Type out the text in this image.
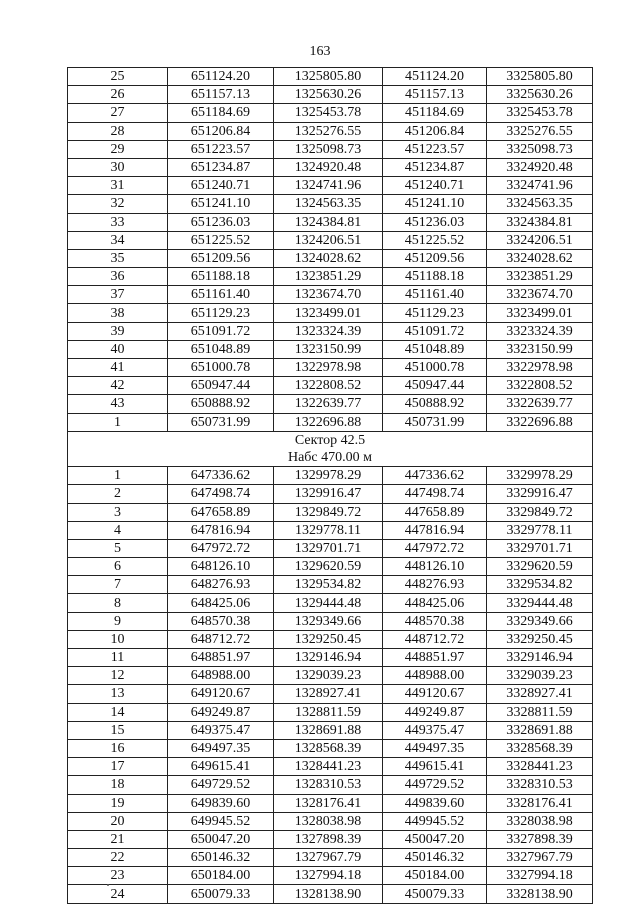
163
25	651124.20	1325805.80	451124.20	3325805.80
26	651157.13	1325630.26	451157.13	3325630.26
27	651184.69	1325453.78	451184.69	3325453.78
28	651206.84	1325276.55	451206.84	3325276.55
29	651223.57	1325098.73	451223.57	3325098.73
30	651234.87	1324920.48	451234.87	3324920.48
31	651240.71	1324741.96	451240.71	3324741.96
32	651241.10	1324563.35	451241.10	3324563.35
33	651236.03	1324384.81	451236.03	3324384.81
34	651225.52	1324206.51	451225.52	3324206.51
35	651209.56	1324028.62	451209.56	3324028.62
36	651188.18	1323851.29	451188.18	3323851.29
37	651161.40	1323674.70	451161.40	3323674.70
38	651129.23	1323499.01	451129.23	3323499.01
39	651091.72	1323324.39	451091.72	3323324.39
40	651048.89	1323150.99	451048.89	3323150.99
41	651000.78	1322978.98	451000.78	3322978.98
42	650947.44	1322808.52	450947.44	3322808.52
43	650888.92	1322639.77	450888.92	3322639.77
1	650731.99	1322696.88	450731.99	3322696.88
Сектор 42.5				
Набс 470.00 м				
1	647336.62	1329978.29	447336.62	3329978.29
2	647498.74	1329916.47	447498.74	3329916.47
3	647658.89	1329849.72	447658.89	3329849.72
4	647816.94	1329778.11	447816.94	3329778.11
5	647972.72	1329701.71	447972.72	3329701.71
6	648126.10	1329620.59	448126.10	3329620.59
7	648276.93	1329534.82	448276.93	3329534.82
8	648425.06	1329444.48	448425.06	3329444.48
9	648570.38	1329349.66	448570.38	3329349.66
10	648712.72	1329250.45	448712.72	3329250.45
11	648851.97	1329146.94	448851.97	3329146.94
12	648988.00	1329039.23	448988.00	3329039.23
13	649120.67	1328927.41	449120.67	3328927.41
14	649249.87	1328811.59	449249.87	3328811.59
15	649375.47	1328691.88	449375.47	3328691.88
16	649497.35	1328568.39	449497.35	3328568.39
17	649615.41	1328441.23	449615.41	3328441.23
18	649729.52	1328310.53	449729.52	3328310.53
19	649839.60	1328176.41	449839.60	3328176.41
20	649945.52	1328038.98	449945.52	3328038.98
21	650047.20	1327898.39	450047.20	3327898.39
22	650146.32	1327967.79	450146.32	3327967.79
23	650184.00	1327994.18	450184.00	3327994.18
24	650079.33	1328138.90	450079.33	3328138.90
